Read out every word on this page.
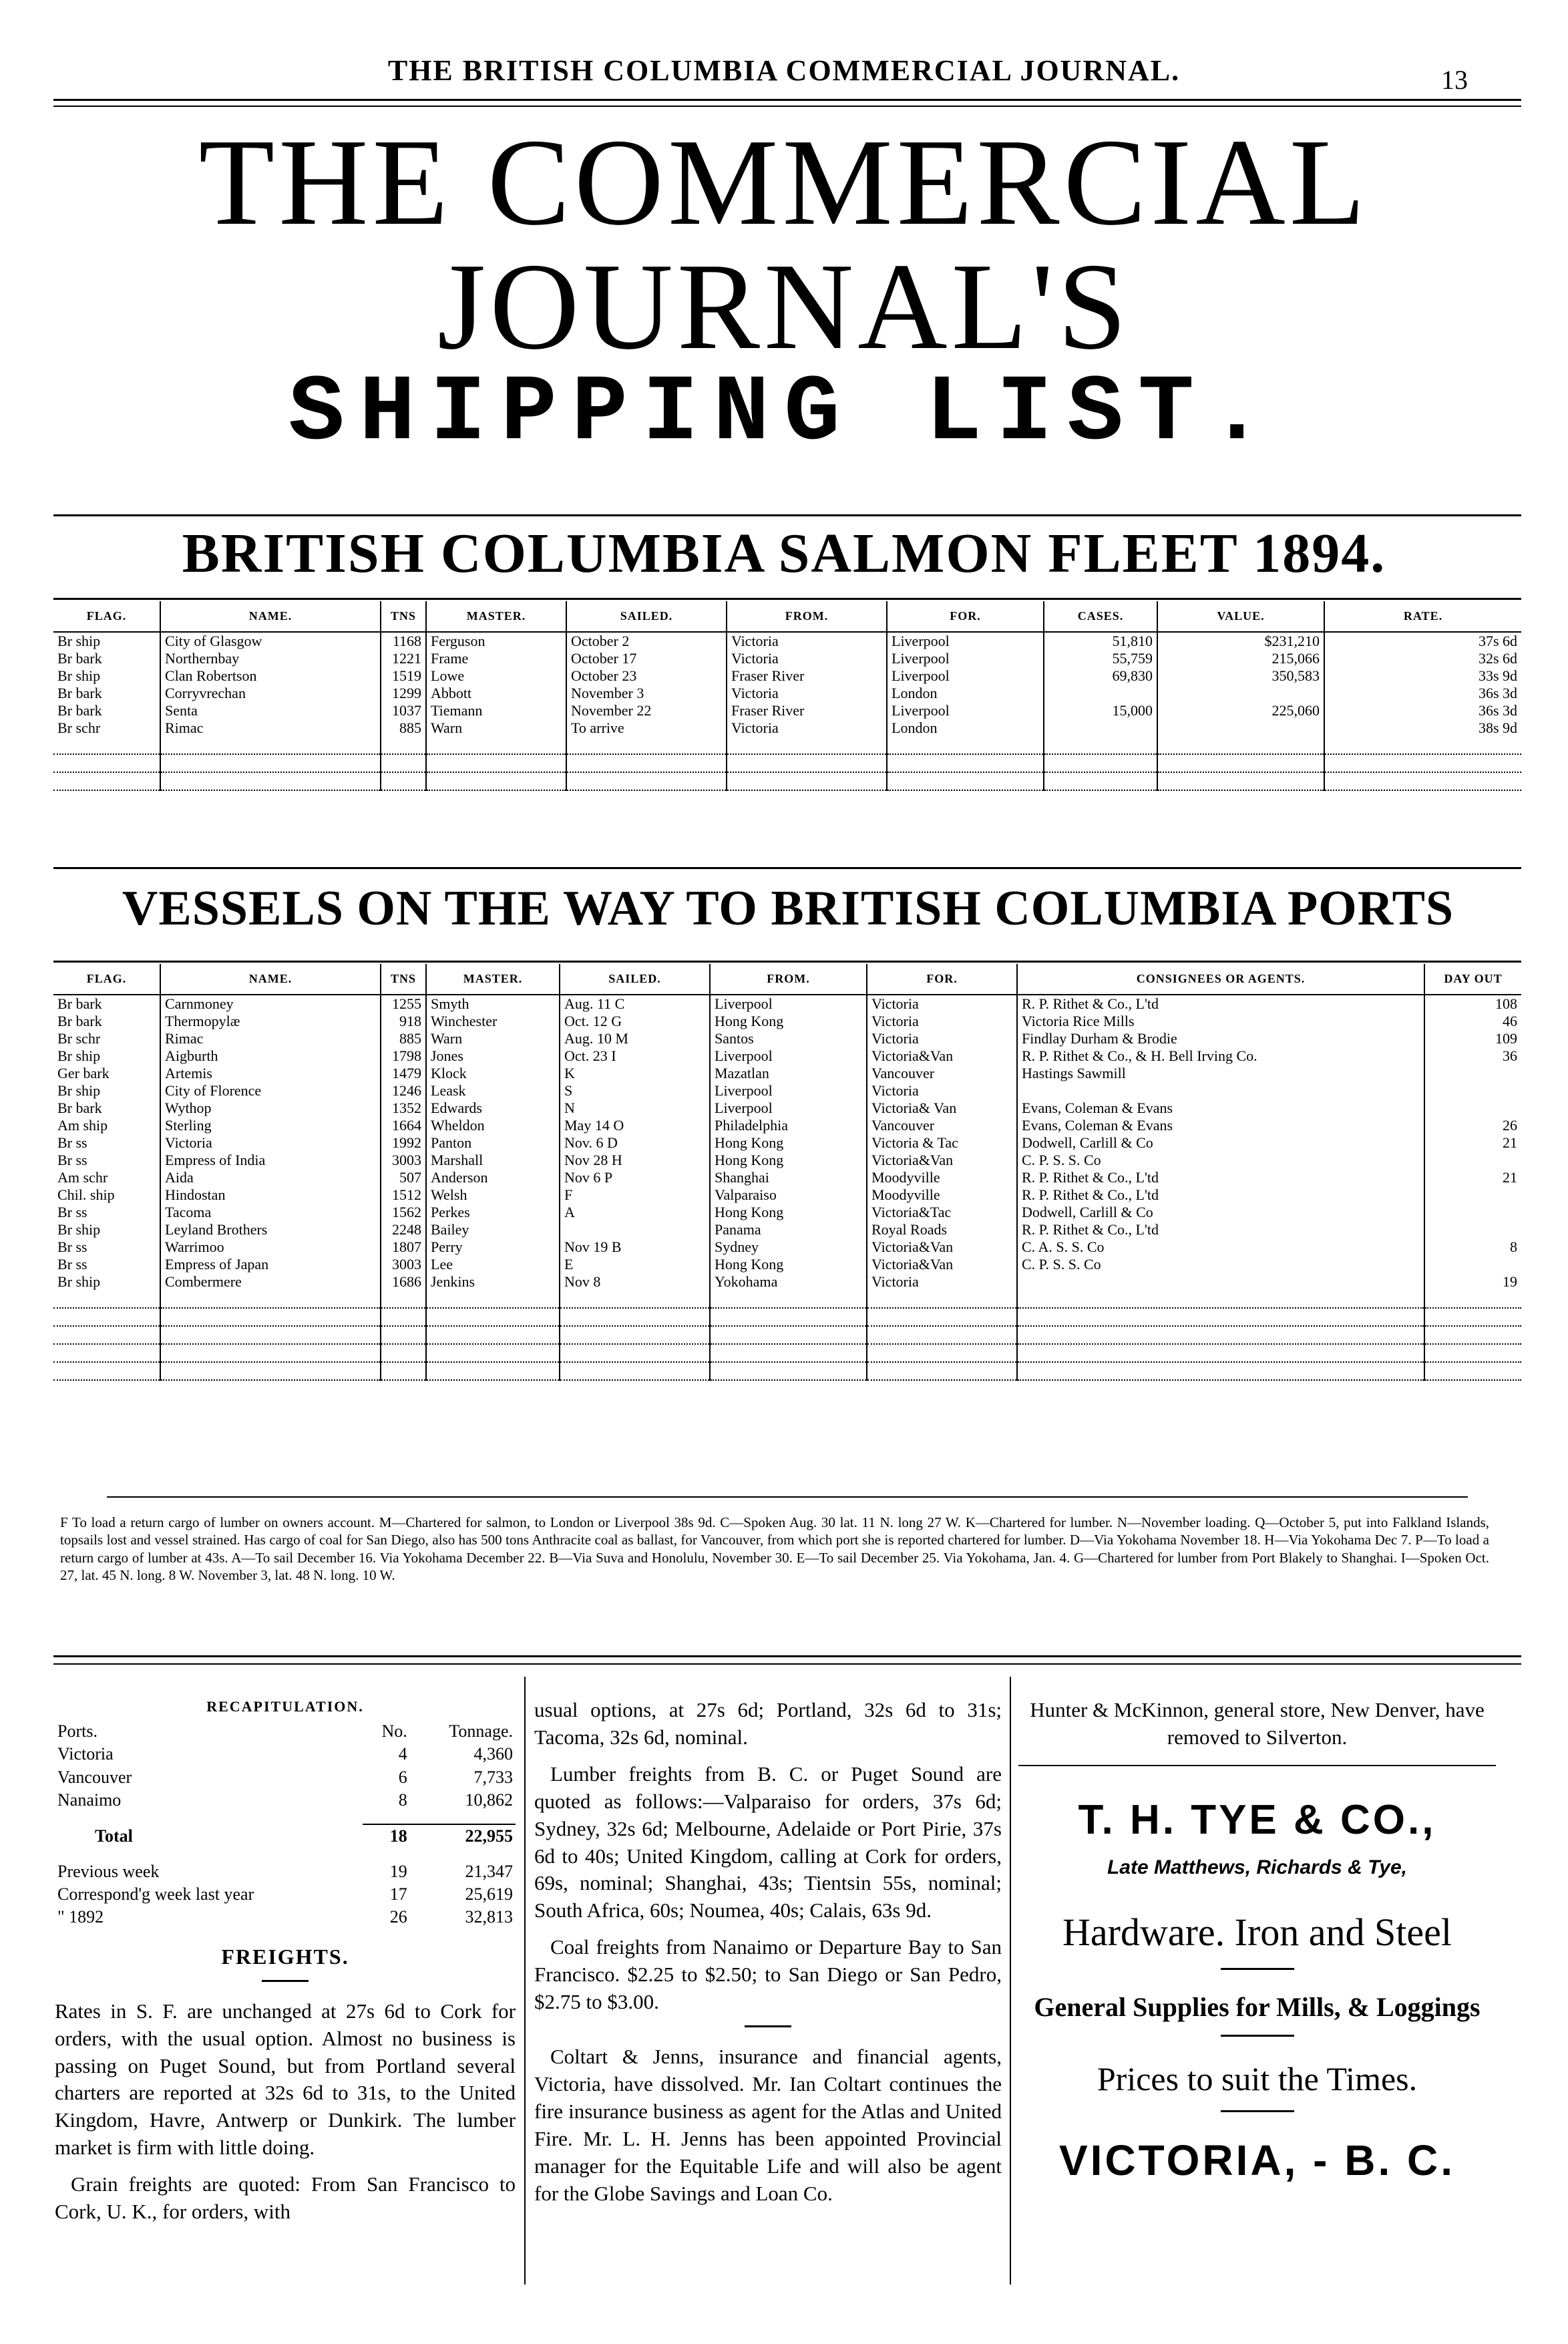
THE BRITISH COLUMBIA COMMERCIAL JOURNAL.	13
THE COMMERCIAL JOURNAL'S
SHIPPING LIST.
BRITISH COLUMBIA SALMON FLEET 1894.
FLAG.	NAME.	TNS	MASTER.	SAILED.	FROM.	FOR.	CASES.	VALUE.	RATE.
Br ship	City of Glasgow	1168	Ferguson	October 2	Victoria	Liverpool	51,810	$231,210	37s 6d
Br bark	Northernbay	1221	Frame	October 17	Victoria	Liverpool	55,759	215,066	32s 6d
Br ship	Clan Robertson	1519	Lowe	October 23	Fraser River	Liverpool	69,830	350,583	33s 9d
Br bark	Corryvrechan	1299	Abbott	November 3	Victoria	London			36s 3d
Br bark	Senta	1037	Tiemann	November 22	Fraser River	Liverpool	15,000	225,060	36s 3d
Br schr	Rimac	885	Warn	To arrive	Victoria	London			38s 9d

VESSELS ON THE WAY TO BRITISH COLUMBIA PORTS
FLAG.	NAME.	TNS	MASTER.	SAILED.	FROM.	FOR.	CONSIGNEES OR AGENTS.	DAY OUT
Br bark	Carnmoney	1255	Smyth	Aug. 11 C	Liverpool	Victoria	R. P. Rithet & Co., L'td	108
Br bark	Thermopylæ	918	Winchester	Oct. 12 G	Hong Kong	Victoria	Victoria Rice Mills	46
Br schr	Rimac	885	Warn	Aug. 10 M	Santos	Victoria	Findlay Durham & Brodie	109
Br ship	Aigburth	1798	Jones	Oct. 23 I	Liverpool	Victoria&Van	R. P. Rithet & Co., & H. Bell Irving Co.	36
Ger bark	Artemis	1479	Klock	K	Mazatlan	Vancouver	Hastings Sawmill	
Br ship	City of Florence	1246	Leask	S	Liverpool	Victoria		
Br bark	Wythop	1352	Edwards	N	Liverpool	Victoria& Van	Evans, Coleman & Evans	
Am ship	Sterling	1664	Wheldon	May 14 O	Philadelphia	Vancouver	Evans, Coleman & Evans	26
Br ss	Victoria	1992	Panton	Nov. 6 D	Hong Kong	Victoria & Tac	Dodwell, Carlill & Co	21
Br ss	Empress of India	3003	Marshall	Nov 28 H	Hong Kong	Victoria&Van	C. P. S. S. Co	
Am schr	Aida	507	Anderson	Nov 6 P	Shanghai	Moodyville	R. P. Rithet & Co., L'td	21
Chil. ship	Hindostan	1512	Welsh	F	Valparaiso	Moodyville	R. P. Rithet & Co., L'td	
Br ss	Tacoma	1562	Perkes	A	Hong Kong	Victoria&Tac	Dodwell, Carlill & Co	
Br ship	Leyland Brothers	2248	Bailey		Panama	Royal Roads	R. P. Rithet & Co., L'td	
Br ss	Warrimoo	1807	Perry	Nov 19 B	Sydney	Victoria&Van	C. A. S. S. Co	8
Br ss	Empress of Japan	3003	Lee	E	Hong Kong	Victoria&Van	C. P. S. S. Co	
Br ship	Combermere	1686	Jenkins	Nov 8	Yokohama	Victoria		19

F To load a return cargo of lumber on owners account. M—Chartered for salmon, to London or Liverpool 38s 9d. C—Spoken Aug. 30 lat. 11 N. long 27 W. K—Chartered for lumber. N—November loading. Q—October 5, put into Falkland Islands, topsails lost and vessel strained. Has cargo of coal for San Diego, also has 500 tons Anthracite coal as ballast, for Vancouver, from which port she is reported chartered for lumber. D—Via Yokohama November 18. H—Via Yokohama Dec 7. P—To load a return cargo of lumber at 43s. A—To sail December 16. Via Yokohama December 22. B—Via Suva and Honolulu, November 30. E—To sail December 25. Via Yokohama, Jan. 4. G—Chartered for lumber from Port Blakely to Shanghai. I—Spoken Oct. 27, lat. 45 N. long. 8 W. November 3, lat. 48 N. long. 10 W.
RECAPITULATION.
Ports.	No.	Tonnage.
Victoria	4	4,360
Vancouver	6	7,733
Nanaimo	8	10,862

Total	18	22,955

Previous week	19	21,347
Correspond'g week last year	17	25,619
" 1892	26	32,813
FREIGHTS.

Rates in S. F. are unchanged at 27s 6d to Cork for orders, with the usual option. Almost no business is passing on Puget Sound, but from Portland several charters are reported at 32s 6d to 31s, to the United Kingdom, Havre, Antwerp or Dunkirk. The lumber market is firm with little doing.

Grain freights are quoted: From San Francisco to Cork, U. K., for orders, with

usual options, at 27s 6d; Portland, 32s 6d to 31s; Tacoma, 32s 6d, nominal.

Lumber freights from B. C. or Puget Sound are quoted as follows:—Valparaiso for orders, 37s 6d; Sydney, 32s 6d; Melbourne, Adelaide or Port Pirie, 37s 6d to 40s; United Kingdom, calling at Cork for orders, 69s, nominal; Shanghai, 43s; Tientsin 55s, nominal; South Africa, 60s; Noumea, 40s; Calais, 63s 9d.

Coal freights from Nanaimo or Departure Bay to San Francisco. $2.25 to $2.50; to San Diego or San Pedro, $2.75 to $3.00.

Coltart & Jenns, insurance and financial agents, Victoria, have dissolved. Mr. Ian Coltart continues the fire insurance business as agent for the Atlas and United Fire. Mr. L. H. Jenns has been appointed Provincial manager for the Equitable Life and will also be agent for the Globe Savings and Loan Co.

Hunter & McKinnon, general store, New Denver, have removed to Silverton.

T. H. TYE & CO.,
Late Matthews, Richards & Tye,
Hardware. Iron and Steel
General Supplies for Mills, & Loggings
Prices to suit the Times.
VICTORIA, - B. C.
